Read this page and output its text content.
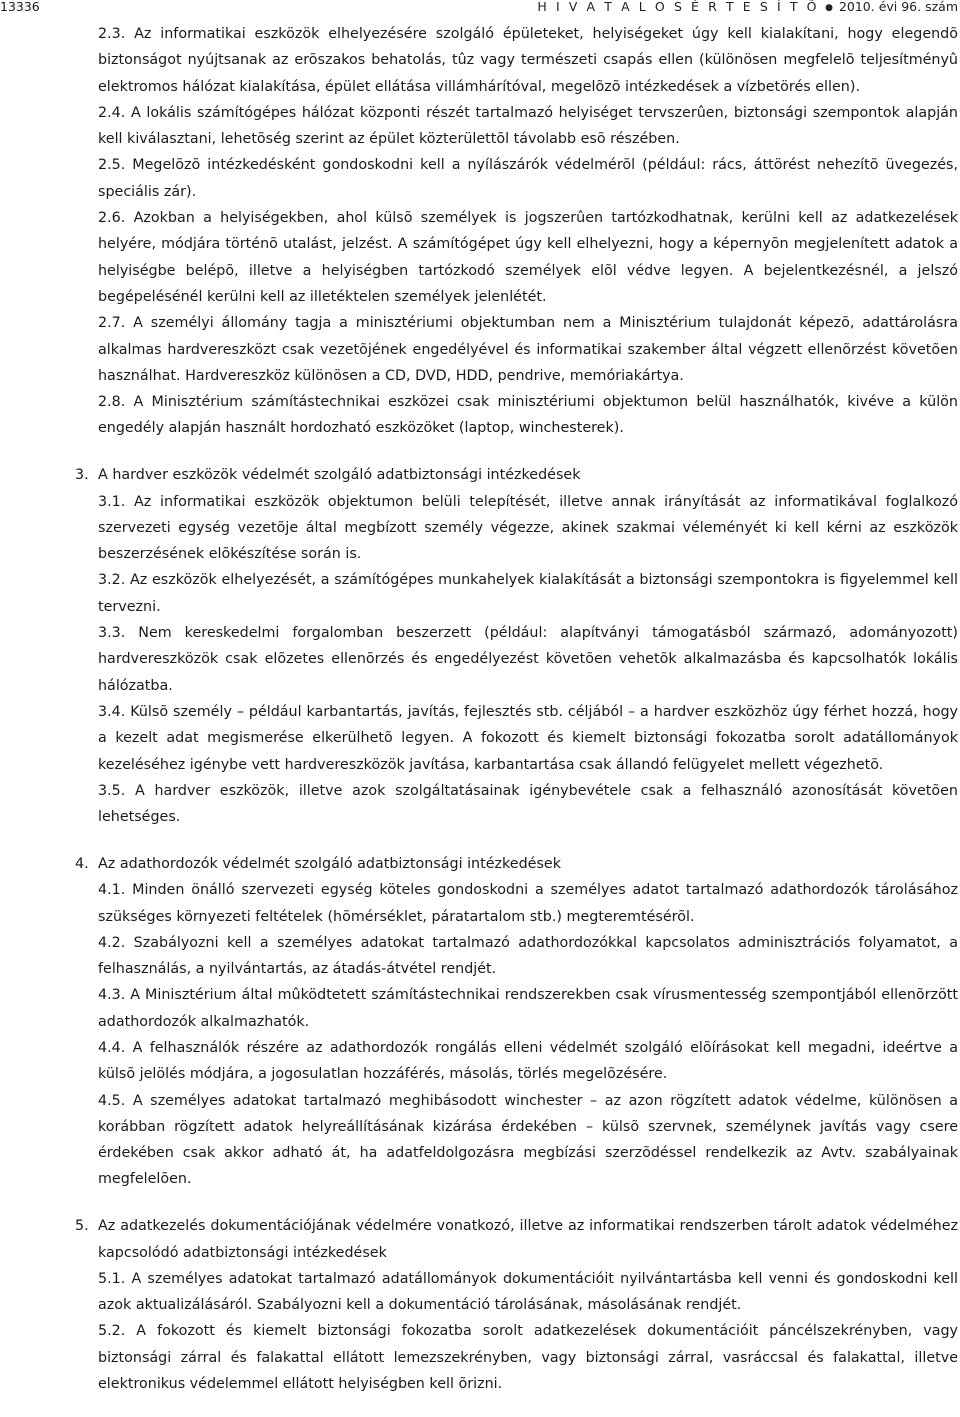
13336	H I V A T A L O S É R T E S Í T Õ ● 2010. évi 96. szám

2.3. Az informatikai eszközök elhelyezésére szolgáló épületeket, helyiségeket úgy kell kialakítani, hogy elegendõ biztonságot nyújtsanak az erõszakos behatolás, tûz vagy természeti csapás ellen (különösen megfelelõ teljesítményû elektromos hálózat kialakítása, épület ellátása villámhárítóval, megelõzõ intézkedések a vízbetörés ellen).

2.4. A lokális számítógépes hálózat központi részét tartalmazó helyiséget tervszerûen, biztonsági szempontok alapján kell kiválasztani, lehetõség szerint az épület közterülettõl távolabb esõ részében.

2.5. Megelõzõ intézkedésként gondoskodni kell a nyílászárók védelmérõl (például: rács, áttörést nehezítõ üvegezés, speciális zár).

2.6. Azokban a helyiségekben, ahol külsõ személyek is jogszerûen tartózkodhatnak, kerülni kell az adatkezelések helyére, módjára történõ utalást, jelzést. A számítógépet úgy kell elhelyezni, hogy a képernyõn megjelenített adatok a helyiségbe belépõ, illetve a helyiségben tartózkodó személyek elõl védve legyen. A bejelentkezésnél, a jelszó begépelésénél kerülni kell az illetéktelen személyek jelenlétét.

2.7. A személyi állomány tagja a minisztériumi objektumban nem a Minisztérium tulajdonát képezõ, adattárolásra alkalmas hardvereszközt csak vezetõjének engedélyével és informatikai szakember által végzett ellenõrzést követõen használhat. Hardvereszköz különösen a CD, DVD, HDD, pendrive, memóriakártya.

2.8. A Minisztérium számítástechnikai eszközei csak minisztériumi objektumon belül használhatók, kivéve a külön engedély alapján használt hordozható eszközöket (laptop, winchesterek).

3. A hardver eszközök védelmét szolgáló adatbiztonsági intézkedések

3.1. Az informatikai eszközök objektumon belüli telepítését, illetve annak irányítását az informatikával foglalkozó szervezeti egység vezetõje által megbízott személy végezze, akinek szakmai véleményét ki kell kérni az eszközök beszerzésének elõkészítése során is.

3.2. Az eszközök elhelyezését, a számítógépes munkahelyek kialakítását a biztonsági szempontokra is figyelemmel kell tervezni.

3.3. Nem kereskedelmi forgalomban beszerzett (például: alapítványi támogatásból származó, adományozott) hardvereszközök csak elõzetes ellenõrzés és engedélyezést követõen vehetõk alkalmazásba és kapcsolhatók lokális hálózatba.

3.4. Külsõ személy – például karbantartás, javítás, fejlesztés stb. céljából – a hardver eszközhöz úgy férhet hozzá, hogy a kezelt adat megismerése elkerülhetõ legyen. A fokozott és kiemelt biztonsági fokozatba sorolt adatállományok kezeléséhez igénybe vett hardvereszközök javítása, karbantartása csak állandó felügyelet mellett végezhetõ.

3.5. A hardver eszközök, illetve azok szolgáltatásainak igénybevétele csak a felhasználó azonosítását követõen lehetséges.

4. Az adathordozók védelmét szolgáló adatbiztonsági intézkedések

4.1. Minden önálló szervezeti egység köteles gondoskodni a személyes adatot tartalmazó adathordozók tárolásához szükséges környezeti feltételek (hõmérséklet, páratartalom stb.) megteremtésérõl.

4.2. Szabályozni kell a személyes adatokat tartalmazó adathordozókkal kapcsolatos adminisztrációs folyamatot, a felhasználás, a nyilvántartás, az átadás-átvétel rendjét.

4.3. A Minisztérium által mûködtetett számítástechnikai rendszerekben csak vírusmentesség szempontjából ellenõrzött adathordozók alkalmazhatók.

4.4. A felhasználók részére az adathordozók rongálás elleni védelmét szolgáló elõírásokat kell megadni, ideértve a külsõ jelölés módjára, a jogosulatlan hozzáférés, másolás, törlés megelõzésére.

4.5. A személyes adatokat tartalmazó meghibásodott winchester – az azon rögzített adatok védelme, különösen a korábban rögzített adatok helyreállításának kizárása érdekében – külsõ szervnek, személynek javítás vagy csere érdekében csak akkor adható át, ha adatfeldolgozásra megbízási szerzõdéssel rendelkezik az Avtv. szabályainak megfelelõen.

5. Az adatkezelés dokumentációjának védelmére vonatkozó, illetve az informatikai rendszerben tárolt adatok védelméhez kapcsolódó adatbiztonsági intézkedések

5.1. A személyes adatokat tartalmazó adatállományok dokumentációit nyilvántartásba kell venni és gondoskodni kell azok aktualizálásáról. Szabályozni kell a dokumentáció tárolásának, másolásának rendjét.

5.2. A fokozott és kiemelt biztonsági fokozatba sorolt adatkezelések dokumentációit páncélszekrényben, vagy biztonsági zárral és falakattal ellátott lemezszekrényben, vagy biztonsági zárral, vasráccsal és falakattal, illetve elektronikus védelemmel ellátott helyiségben kell õrizni.
